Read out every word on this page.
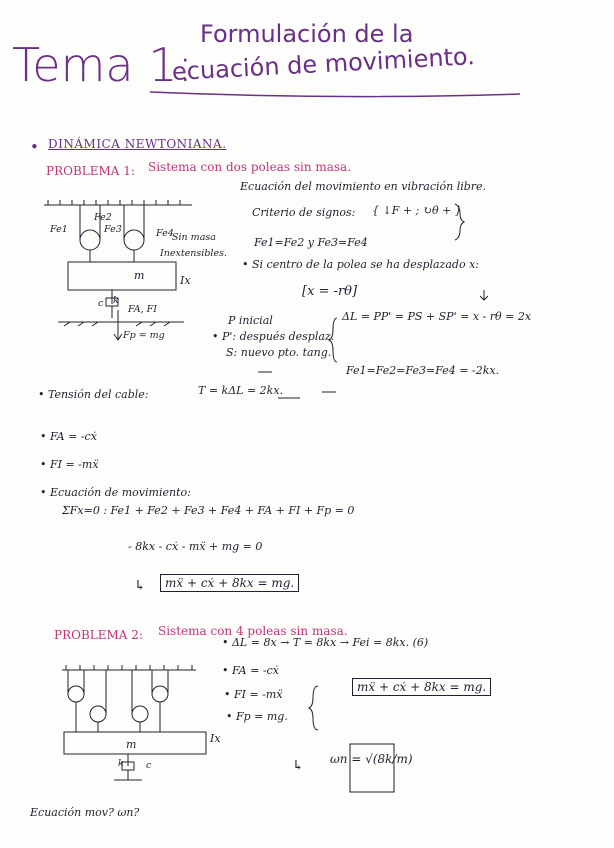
Tema 1:
Formulación de la
ecuación de movimiento.
• DINÁMICA NEWTONIANA.
PROBLEMA 1: Sistema con dos poleas sin masa.
Ecuación del movimiento en vibración libre.
Criterio de signos: { ↓F + ; ↻θ + }
Fe1=Fe2 y Fe3=Fe4
• Si centro de la polea se ha desplazado x:
[x = -rθ]
P inicial
• P': después desplaz.
S: nuevo pto. tang.
ΔL = PP' = PS + SP' = x - rθ = 2x
Fe1
Fe2
Fe3	Fe4
Sin masa
Inextensibles.
m	Ix
c k
FA, FI
Fp = mg
• Tensión del cable:	T = kΔL = 2kx.
Fe1=Fe2=Fe3=Fe4 = -2kx.
• FA = -cẋ
• FI = -mẍ
• Ecuación de movimiento:
ΣFx=0 : Fe1 + Fe2 + Fe3 + Fe4 + FA + FI + Fp = 0
- 8kx - cẋ - mẍ + mg = 0
↳	mẍ + cẋ + 8kx = mg.
PROBLEMA 2: Sistema con 4 poleas sin masa.
• ΔL = 8x → T = 8kx → Fei = 8kx. (6)
• FA = -cẋ
• FI = -mẍ
• Fp = mg.
mẍ + cẋ + 8kx = mg.
↳ ωn = √(8k/m)
m	Ix
k c
Ecuación mov? ωn?
